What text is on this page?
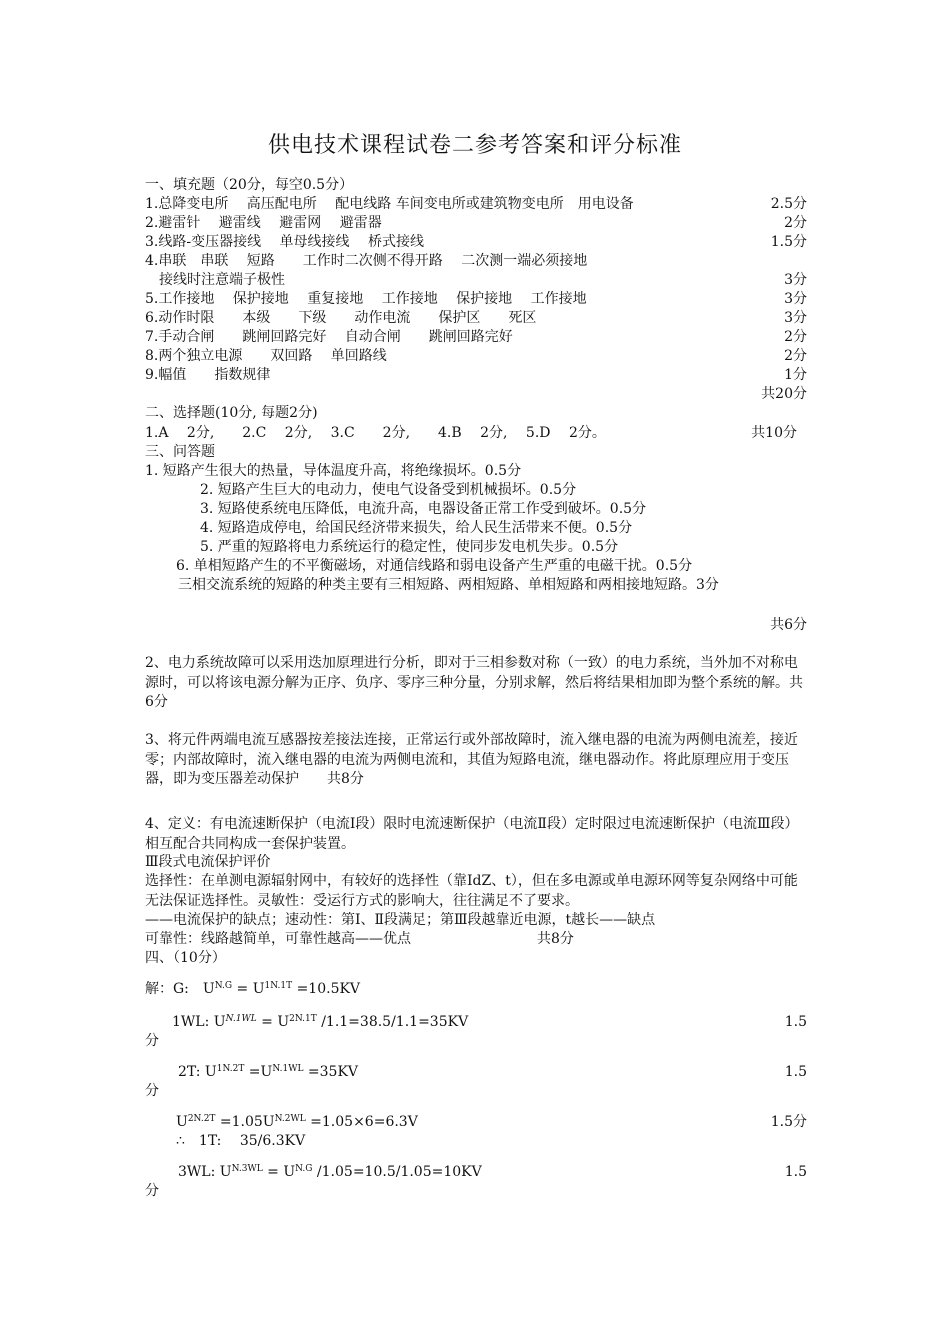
供电技术课程试卷二参考答案和评分标准
一、填充题（20分，每空0.5分）
1.总降变电所　 高压配电所　 配电线路 车间变电所或建筑物变电所　用电设备	2.5分
2.避雷针　 避雷线　 避雷网　 避雷器	2分
3.线路-变压器接线　 单母线接线　 桥式接线	1.5分
4.串联　串联　 短路　　工作时二次侧不得开路　 二次测一端必须接地
　接线时注意端子极性	3分
5.工作接地　 保护接地　 重复接地　 工作接地　 保护接地　 工作接地	3分
6.动作时限　　本级　　下级　　动作电流　　保护区　　死区	3分
7.手动合闸　　跳闸回路完好　 自动合闸　　跳闸回路完好	2分
8.两个独立电源　　双回路　 单回路线	2分
9.幅值　　指数规律	1分
共20分
二、选择题(10分, 每题2分)
1.A　 2分,　　2.C　 2分,　 3.C　　2分,　　4.B　 2分,　 5.D　 2分。	共10分
三、问答题
1. 短路产生很大的热量，导体温度升高，将绝缘损坏。0.5分
2. 短路产生巨大的电动力，使电气设备受到机械损坏。0.5分
3. 短路使系统电压降低，电流升高，电器设备正常工作受到破坏。0.5分
4. 短路造成停电，给国民经济带来损失，给人民生活带来不便。0.5分
5. 严重的短路将电力系统运行的稳定性，使同步发电机失步。0.5分
6. 单相短路产生的不平衡磁场，对通信线路和弱电设备产生严重的电磁干扰。0.5分
三相交流系统的短路的种类主要有三相短路、两相短路、单相短路和两相接地短路。3分
共6分
2、电力系统故障可以采用迭加原理进行分析，即对于三相参数对称（一致）的电力系统，当外加不对称电源时，可以将该电源分解为正序、负序、零序三种分量，分别求解，然后将结果相加即为整个系统的解。共6分
3、将元件两端电流互感器按差接法连接，正常运行或外部故障时，流入继电器的电流为两侧电流差，接近零；内部故障时，流入继电器的电流为两侧电流和，其值为短路电流，继电器动作。将此原理应用于变压器，即为变压器差动保护　　共8分
4、定义：有电流速断保护（电流Ⅰ段）限时电流速断保护（电流Ⅱ段）定时限过电流速断保护（电流Ⅲ段）相互配合共同构成一套保护装置。
Ⅲ段式电流保护评价
选择性：在单测电源辐射网中，有较好的选择性（靠IdZ、t），但在多电源或单电源环网等复杂网络中可能无法保证选择性。灵敏性：受运行方式的影响大，往往满足不了要求。
——电流保护的缺点；速动性：第Ⅰ、Ⅱ段满足；第Ⅲ段越靠近电源，t越长——缺点
可靠性：线路越简单，可靠性越高——优点　　　　　　　　　共8分
四、（10分）
解：G:　$U^{N.G} = U^{1N.1T} =10.5KV$
1WL: $U^{N.1WL} = U^{2N.1T}$ /1.1=38.5/1.1=35KV	1.5
分
2T: $U^{1N.2T} =U^{N.1WL} =35KV$	1.5
分
$U^{2N.2T} =1.05U^{N.2WL} =1.05\times 6=6.3V$	1.5分
∴　1T:　 35/6.3KV
3WL: $U^{N.3WL} = U^{N.G}$ /1.05=10.5/1.05=10KV	1.5
分
